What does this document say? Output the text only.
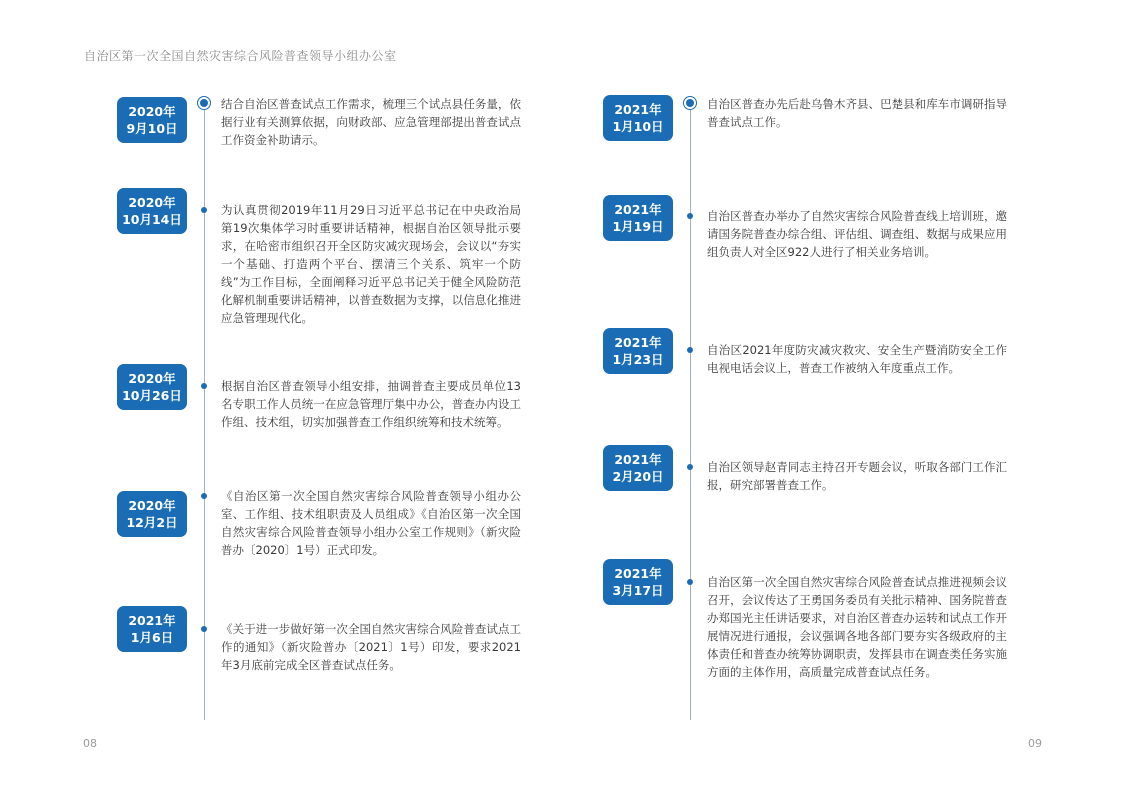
自治区第一次全国自然灾害综合风险普查领导小组办公室
2020年
9月10日
结合自治区普查试点工作需求，梳理三个试点县任务量，依据行业有关测算依据，向财政部、应急管理部提出普查试点工作资金补助请示。
2020年
10月14日
为认真贯彻2019年11月29日习近平总书记在中央政治局第19次集体学习时重要讲话精神，根据自治区领导批示要求，在哈密市组织召开全区防灾减灾现场会，会议以“夯实一个基础、打造两个平台、摆清三个关系、筑牢一个防线”为工作目标，全面阐释习近平总书记关于健全风险防范化解机制重要讲话精神，以普查数据为支撑，以信息化推进应急管理现代化。
2020年
10月26日
根据自治区普查领导小组安排，抽调普查主要成员单位13名专职工作人员统一在应急管理厅集中办公，普查办内设工作组、技术组，切实加强普查工作组织统筹和技术统筹。
2020年
12月2日
《自治区第一次全国自然灾害综合风险普查领导小组办公室、工作组、技术组职责及人员组成》《自治区第一次全国自然灾害综合风险普查领导小组办公室工作规则》（新灾险普办〔2020〕1号）正式印发。
2021年
1月6日
《关于进一步做好第一次全国自然灾害综合风险普查试点工作的通知》（新灾险普办〔2021〕1号）印发，要求2021年3月底前完成全区普查试点任务。
2021年
1月10日
自治区普查办先后赴乌鲁木齐县、巴楚县和库车市调研指导普查试点工作。
2021年
1月19日
自治区普查办举办了自然灾害综合风险普查线上培训班，邀请国务院普查办综合组、评估组、调查组、数据与成果应用组负责人对全区922人进行了相关业务培训。
2021年
1月23日
自治区2021年度防灾减灾救灾、安全生产暨消防安全工作电视电话会议上，普查工作被纳入年度重点工作。
2021年
2月20日
自治区领导赵青同志主持召开专题会议，听取各部门工作汇报，研究部署普查工作。
2021年
3月17日
自治区第一次全国自然灾害综合风险普查试点推进视频会议召开，会议传达了王勇国务委员有关批示精神、国务院普查办郑国光主任讲话要求，对自治区普查办运转和试点工作开展情况进行通报，会议强调各地各部门要夯实各级政府的主体责任和普查办统筹协调职责，发挥县市在调查类任务实施方面的主体作用，高质量完成普查试点任务。
08	09
